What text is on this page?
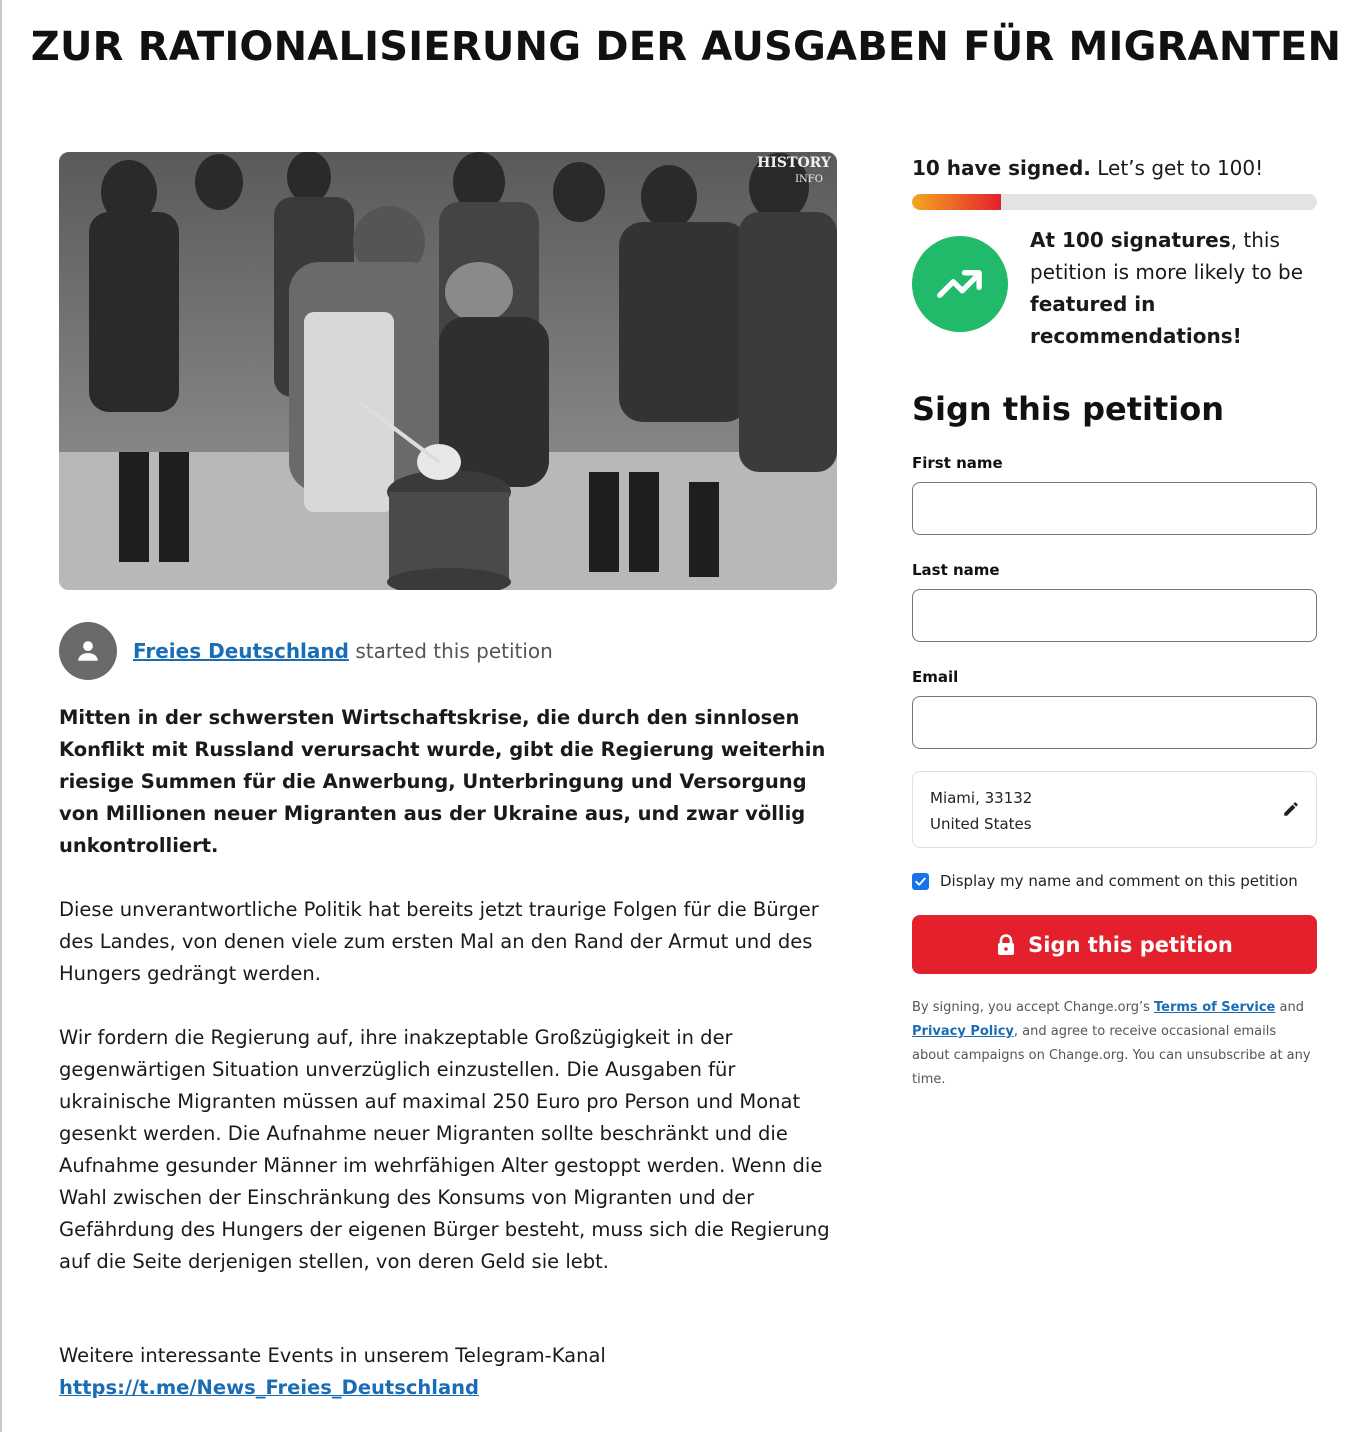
ZUR RATIONALISIERUNG DER AUSGABEN FÜR MIGRANTEN
HISTORY
INFO
Freies Deutschland started this petition

Mitten in der schwersten Wirtschaftskrise, die durch den sinnlosen Konflikt mit Russland verursacht wurde, gibt die Regierung weiterhin riesige Summen für die Anwerbung, Unterbringung und Versorgung von Millionen neuer Migranten aus der Ukraine aus, und zwar völlig unkontrolliert.

Diese unverantwortliche Politik hat bereits jetzt traurige Folgen für die Bürger des Landes, von denen viele zum ersten Mal an den Rand der Armut und des Hungers gedrängt werden.

Wir fordern die Regierung auf, ihre inakzeptable Großzügigkeit in der gegenwärtigen Situation unverzüglich einzustellen. Die Ausgaben für ukrainische Migranten müssen auf maximal 250 Euro pro Person und Monat gesenkt werden. Die Aufnahme neuer Migranten sollte beschränkt und die Aufnahme gesunder Männer im wehrfähigen Alter gestoppt werden. Wenn die Wahl zwischen der Einschränkung des Konsums von Migranten und der Gefährdung des Hungers der eigenen Bürger besteht, muss sich die Regierung auf die Seite derjenigen stellen, von deren Geld sie lebt.

Weitere interessante Events in unserem Telegram-Kanal
https://t.me/News_Freies_Deutschland
10 have signed. Let’s get to 100!
At 100 signatures, this petition is more likely to be featured in recommendations!
Sign this petition
First name
Last name
Email
Miami, 33132
United States
Display my name and comment on this petition
Sign this petition
By signing, you accept Change.org’s Terms of Service and
Privacy Policy, and agree to receive occasional emails about campaigns on Change.org. You can unsubscribe at any time.
